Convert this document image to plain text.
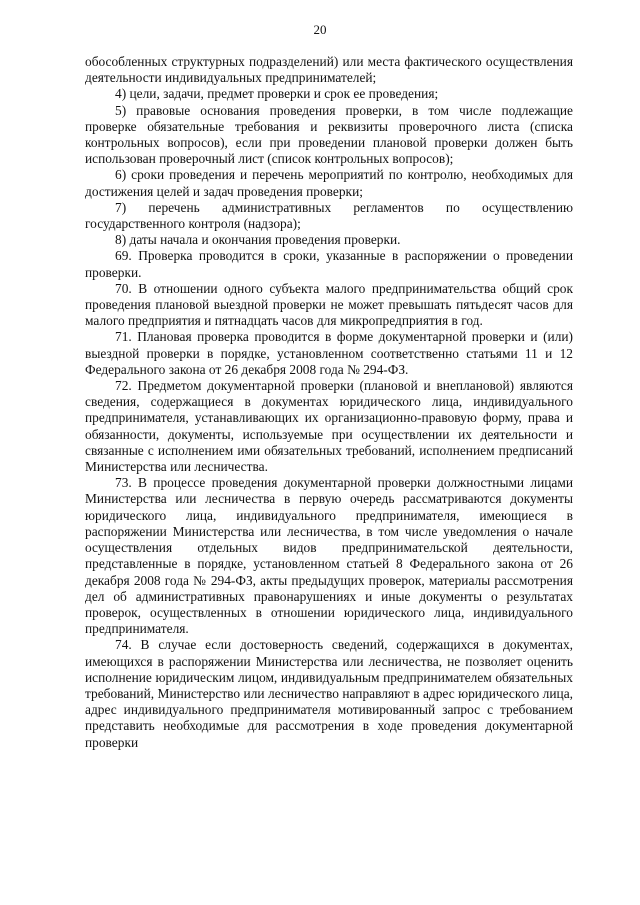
20

обособленных структурных подразделений) или места фактического осуществления деятельности индивидуальных предпринимателей;

4) цели, задачи, предмет проверки и срок ее проведения;

5) правовые основания проведения проверки, в том числе подлежащие проверке обязательные требования и реквизиты проверочного листа (списка контрольных вопросов), если при проведении плановой проверки должен быть использован проверочный лист (список контрольных вопросов);

6) сроки проведения и перечень мероприятий по контролю, необходимых для достижения целей и задач проведения проверки;

7) перечень административных регламентов по осуществлению государственного контроля (надзора);

8) даты начала и окончания проведения проверки.

69. Проверка проводится в сроки, указанные в распоряжении о проведении проверки.

70. В отношении одного субъекта малого предпринимательства общий срок проведения плановой выездной проверки не может превышать пятьдесят часов для малого предприятия и пятнадцать часов для микропредприятия в год.

71. Плановая проверка проводится в форме документарной проверки и (или) выездной проверки в порядке, установленном соответственно статьями 11 и 12 Федерального закона от 26 декабря 2008 года № 294-ФЗ.

72. Предметом документарной проверки (плановой и внеплановой) являются сведения, содержащиеся в документах юридического лица, индивидуального предпринимателя, устанавливающих их организационно-правовую форму, права и обязанности, документы, используемые при осуществлении их деятельности и связанные с исполнением ими обязательных требований, исполнением предписаний Министерства или лесничества.

73. В процессе проведения документарной проверки должностными лицами Министерства или лесничества в первую очередь рассматриваются документы юридического лица, индивидуального предпринимателя, имеющиеся в распоряжении Министерства или лесничества, в том числе уведомления о начале осуществления отдельных видов предпринимательской деятельности, представленные в порядке, установленном статьей 8 Федерального закона от 26 декабря 2008 года № 294-ФЗ, акты предыдущих проверок, материалы рассмотрения дел об административных правонарушениях и иные документы о результатах проверок, осуществленных в отношении юридического лица, индивидуального предпринимателя.

74. В случае если достоверность сведений, содержащихся в документах, имеющихся в распоряжении Министерства или лесничества, не позволяет оценить исполнение юридическим лицом, индивидуальным предпринимателем обязательных требований, Министерство или лесничество направляют в адрес юридического лица, адрес индивидуального предпринимателя мотивированный запрос с требованием представить необходимые для рассмотрения в ходе проведения документарной проверки
